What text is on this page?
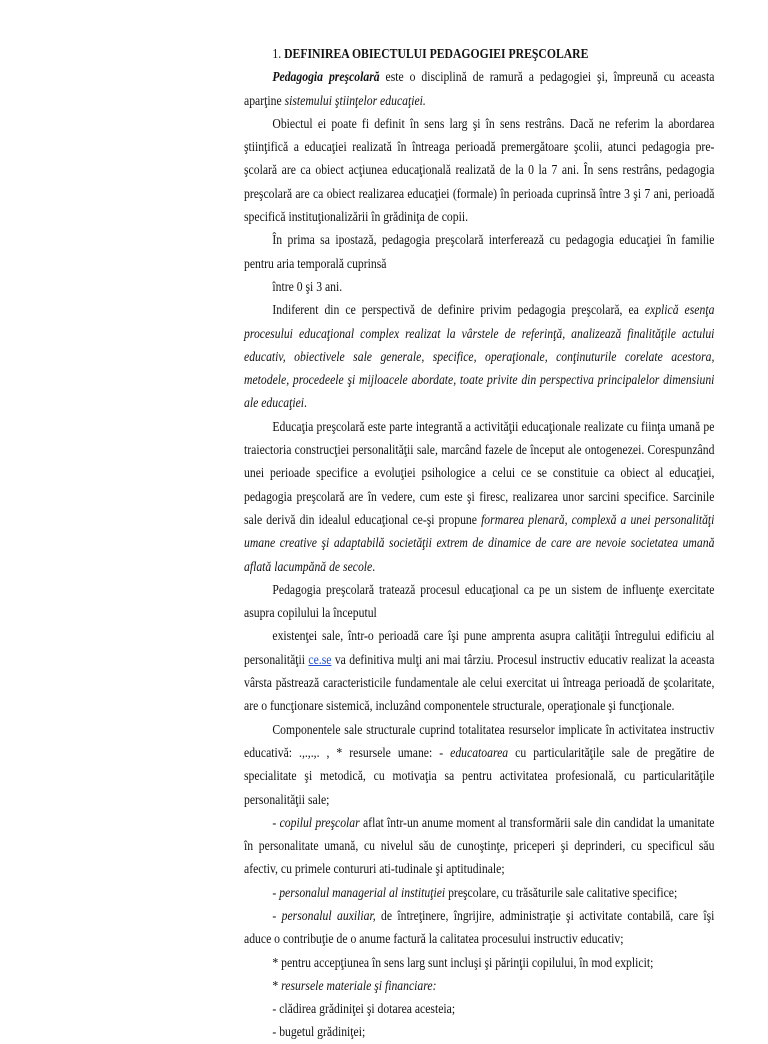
1. DEFINIREA OBIECTULUI PEDAGOGIEI PREŞCOLARE

Pedagogia preşcolară este o disciplină de ramură a pedagogiei şi, împreună cu aceasta aparţine sistemului ştiinţelor educaţiei.

Obiectul ei poate fi definit în sens larg şi în sens restrâns. Dacă ne referim la abordarea ştiinţifică a educaţiei realizată în întreaga perioadă premergătoare şcolii, atunci pedagogia pre-şcolară are ca obiect acţiunea educaţională realizată de la 0 la 7 ani. În sens restrâns, pedagogia preşcolară are ca obiect realizarea educaţiei (formale) în perioada cuprinsă între 3 şi 7 ani, perioadă specifică instituţionalizării în grădiniţa de copii.

În prima sa ipostază, pedagogia preşcolară interferează cu pedagogia educaţiei în familie pentru aria temporală cuprinsă

între 0 şi 3 ani.

Indiferent din ce perspectivă de definire privim pedagogia preşcolară, ea explică esenţa procesului educaţional complex realizat la vârstele de referinţă, analizează finalităţile actului educativ, obiectivele sale generale, specifice, operaţionale, conţinuturile corelate acestora, metodele, procedeele şi mijloacele abordate, toate privite din perspectiva principalelor dimensiuni ale educaţiei.

Educaţia preşcolară este parte integrantă a activităţii educaţionale realizate cu fiinţa umană pe traiectoria construcţiei personalităţii sale, marcând fazele de început ale ontogenezei. Corespunzând unei perioade specifice a evoluţiei psihologice a celui ce se constituie ca obiect al educaţiei, pedagogia preşcolară are în vedere, cum este şi firesc, realizarea unor sarcini specifice. Sarcinile sale derivă din idealul educaţional ce-şi propune formarea plenară, complexă a unei personalităţi umane creative şi adaptabilă societăţii extrem de dinamice de care are nevoie societatea umană aflată lacumpănă de secole.

Pedagogia preşcolară tratează procesul educaţional ca pe un sistem de influenţe exercitate asupra copilului la începutul

existenţei sale, într-o perioadă care îşi pune amprenta asupra calităţii întregului edificiu al personalităţii ce.se va definitiva mulţi ani mai târziu. Procesul instructiv educativ realizat la aceasta vârsta păstrează caracteristicile fundamentale ale celui exercitat ui întreaga perioadă de şcolaritate, are o funcţionare sistemică, incluzând componentele structurale, operaţionale şi funcţionale.

Componentele sale structurale cuprind totalitatea resurselor implicate în activitatea instructiv educativă: .,.,.,. , * resursele umane: - educatoarea cu particularităţile sale de pregătire de specialitate şi metodică, cu motivaţia sa pentru activitatea profesională, cu particularităţile personalităţii sale;

- copilul preşcolar aflat într-un anume moment al transformării sale din candidat la umanitate în personalitate umană, cu nivelul său de cunoştinţe, priceperi şi deprinderi, cu specificul său afectiv, cu primele contururi ati-tudinale şi aptitudinale;

- personalul managerial al instituţiei preşcolare, cu trăsăturile sale calitative specifice;

- personalul auxiliar, de întreţinere, îngrijire, administraţie şi activitate contabilă, care îşi aduce o contribuţie de o anume factură la calitatea procesului instructiv educativ;

* pentru accepţiunea în sens larg sunt incluşi şi părinţii copilului, în mod explicit;

* resursele materiale şi financiare:

- clădirea grădiniţei şi dotarea acesteia;

- bugetul grădiniţei;
